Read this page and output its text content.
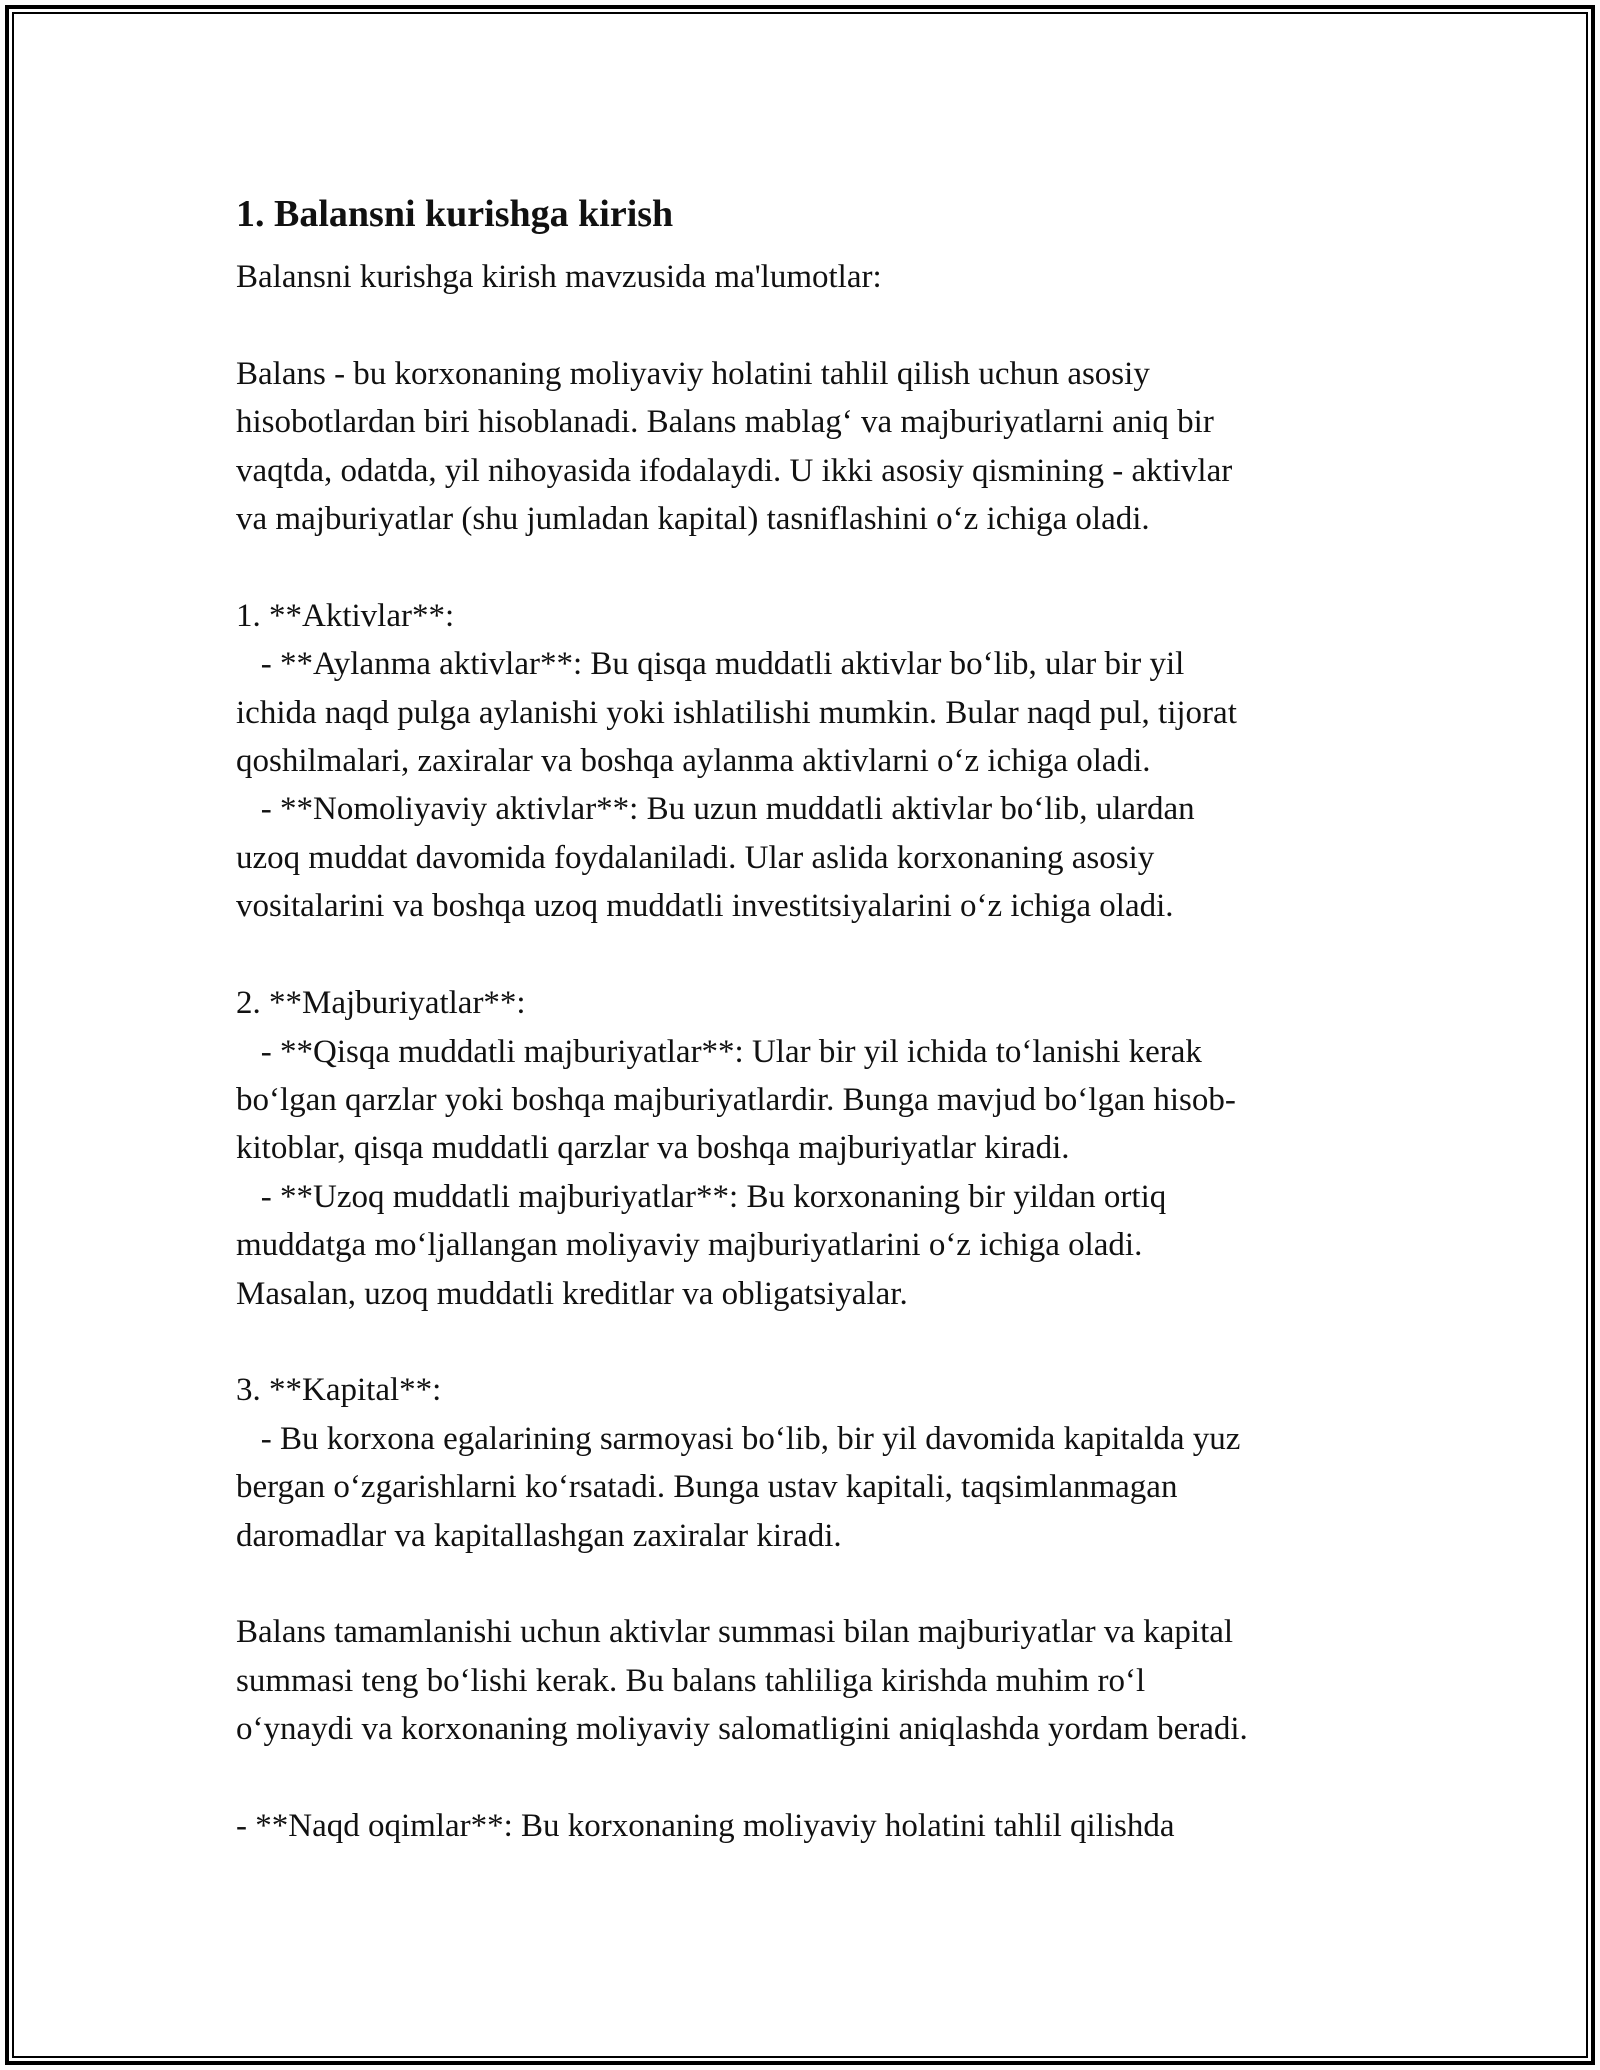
1. Balansni kurishga kirish

Balansni kurishga kirish mavzusida ma'lumotlar:

Balans - bu korxonaning moliyaviy holatini tahlil qilish uchun asosiy

hisobotlardan biri hisoblanadi. Balans mablag‘ va majburiyatlarni aniq bir

vaqtda, odatda, yil nihoyasida ifodalaydi. U ikki asosiy qismining - aktivlar

va majburiyatlar (shu jumladan kapital) tasniflashini o‘z ichiga oladi.

1. **Aktivlar**:

- **Aylanma aktivlar**: Bu qisqa muddatli aktivlar bo‘lib, ular bir yil

ichida naqd pulga aylanishi yoki ishlatilishi mumkin. Bular naqd pul, tijorat

qoshilmalari, zaxiralar va boshqa aylanma aktivlarni o‘z ichiga oladi.

- **Nomoliyaviy aktivlar**: Bu uzun muddatli aktivlar bo‘lib, ulardan

uzoq muddat davomida foydalaniladi. Ular aslida korxonaning asosiy

vositalarini va boshqa uzoq muddatli investitsiyalarini o‘z ichiga oladi.

2. **Majburiyatlar**:

- **Qisqa muddatli majburiyatlar**: Ular bir yil ichida to‘lanishi kerak

bo‘lgan qarzlar yoki boshqa majburiyatlardir. Bunga mavjud bo‘lgan hisob-

kitoblar, qisqa muddatli qarzlar va boshqa majburiyatlar kiradi.

- **Uzoq muddatli majburiyatlar**: Bu korxonaning bir yildan ortiq

muddatga mo‘ljallangan moliyaviy majburiyatlarini o‘z ichiga oladi.

Masalan, uzoq muddatli kreditlar va obligatsiyalar.

3. **Kapital**:

- Bu korxona egalarining sarmoyasi bo‘lib, bir yil davomida kapitalda yuz

bergan o‘zgarishlarni ko‘rsatadi. Bunga ustav kapitali, taqsimlanmagan

daromadlar va kapitallashgan zaxiralar kiradi.

Balans tamamlanishi uchun aktivlar summasi bilan majburiyatlar va kapital

summasi teng bo‘lishi kerak. Bu balans tahliliga kirishda muhim ro‘l

o‘ynaydi va korxonaning moliyaviy salomatligini aniqlashda yordam beradi.

- **Naqd oqimlar**: Bu korxonaning moliyaviy holatini tahlil qilishda
